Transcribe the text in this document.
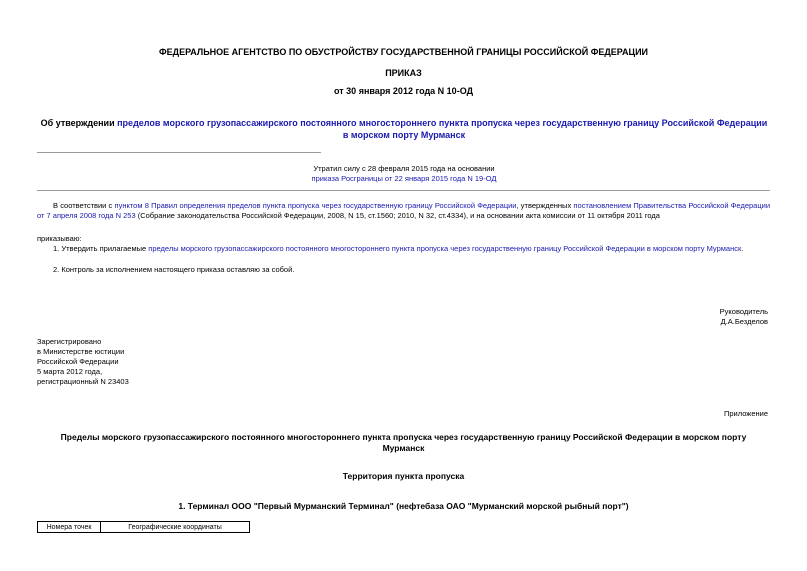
ФЕДЕРАЛЬНОЕ АГЕНТСТВО ПО ОБУСТРОЙСТВУ ГОСУДАРСТВЕННОЙ ГРАНИЦЫ РОССИЙСКОЙ ФЕДЕРАЦИИ
ПРИКАЗ
от 30 января 2012 года N 10-ОД
Об утверждении пределов морского грузопассажирского постоянного многостороннего пункта пропуска через государственную границу Российской Федерации в морском порту Мурманск
Утратил силу с 28 февраля 2015 года на основании
приказа Росграницы от 22 января 2015 года N 19-ОД
В соответствии с пунктом 8 Правил определения пределов пункта пропуска через государственную границу Российской Федерации, утвержденных постановлением Правительства Российской Федерации от 7 апреля 2008 года N 253 (Собрание законодательства Российской Федерации, 2008, N 15, ст.1560; 2010, N 32, ст.4334), и на основании акта комиссии от 11 октября 2011 года
приказываю:
1. Утвердить прилагаемые пределы морского грузопассажирского постоянного многостороннего пункта пропуска через государственную границу Российской Федерации в морском порту Мурманск.
2. Контроль за исполнением настоящего приказа оставляю за собой.
Руководитель
Д.А.Безделов
Зарегистрировано
в Министерстве юстиции
Российской Федерации
5 марта 2012 года,
регистрационный N 23403
Приложение
Пределы морского грузопассажирского постоянного многостороннего пункта пропуска через государственную границу Российской Федерации в морском порту
Мурманск
Территория пункта пропуска
1. Терминал ООО "Первый Мурманский Терминал" (нефтебаза ОАО "Мурманский морской рыбный порт")
Номера точек	Географические координаты
